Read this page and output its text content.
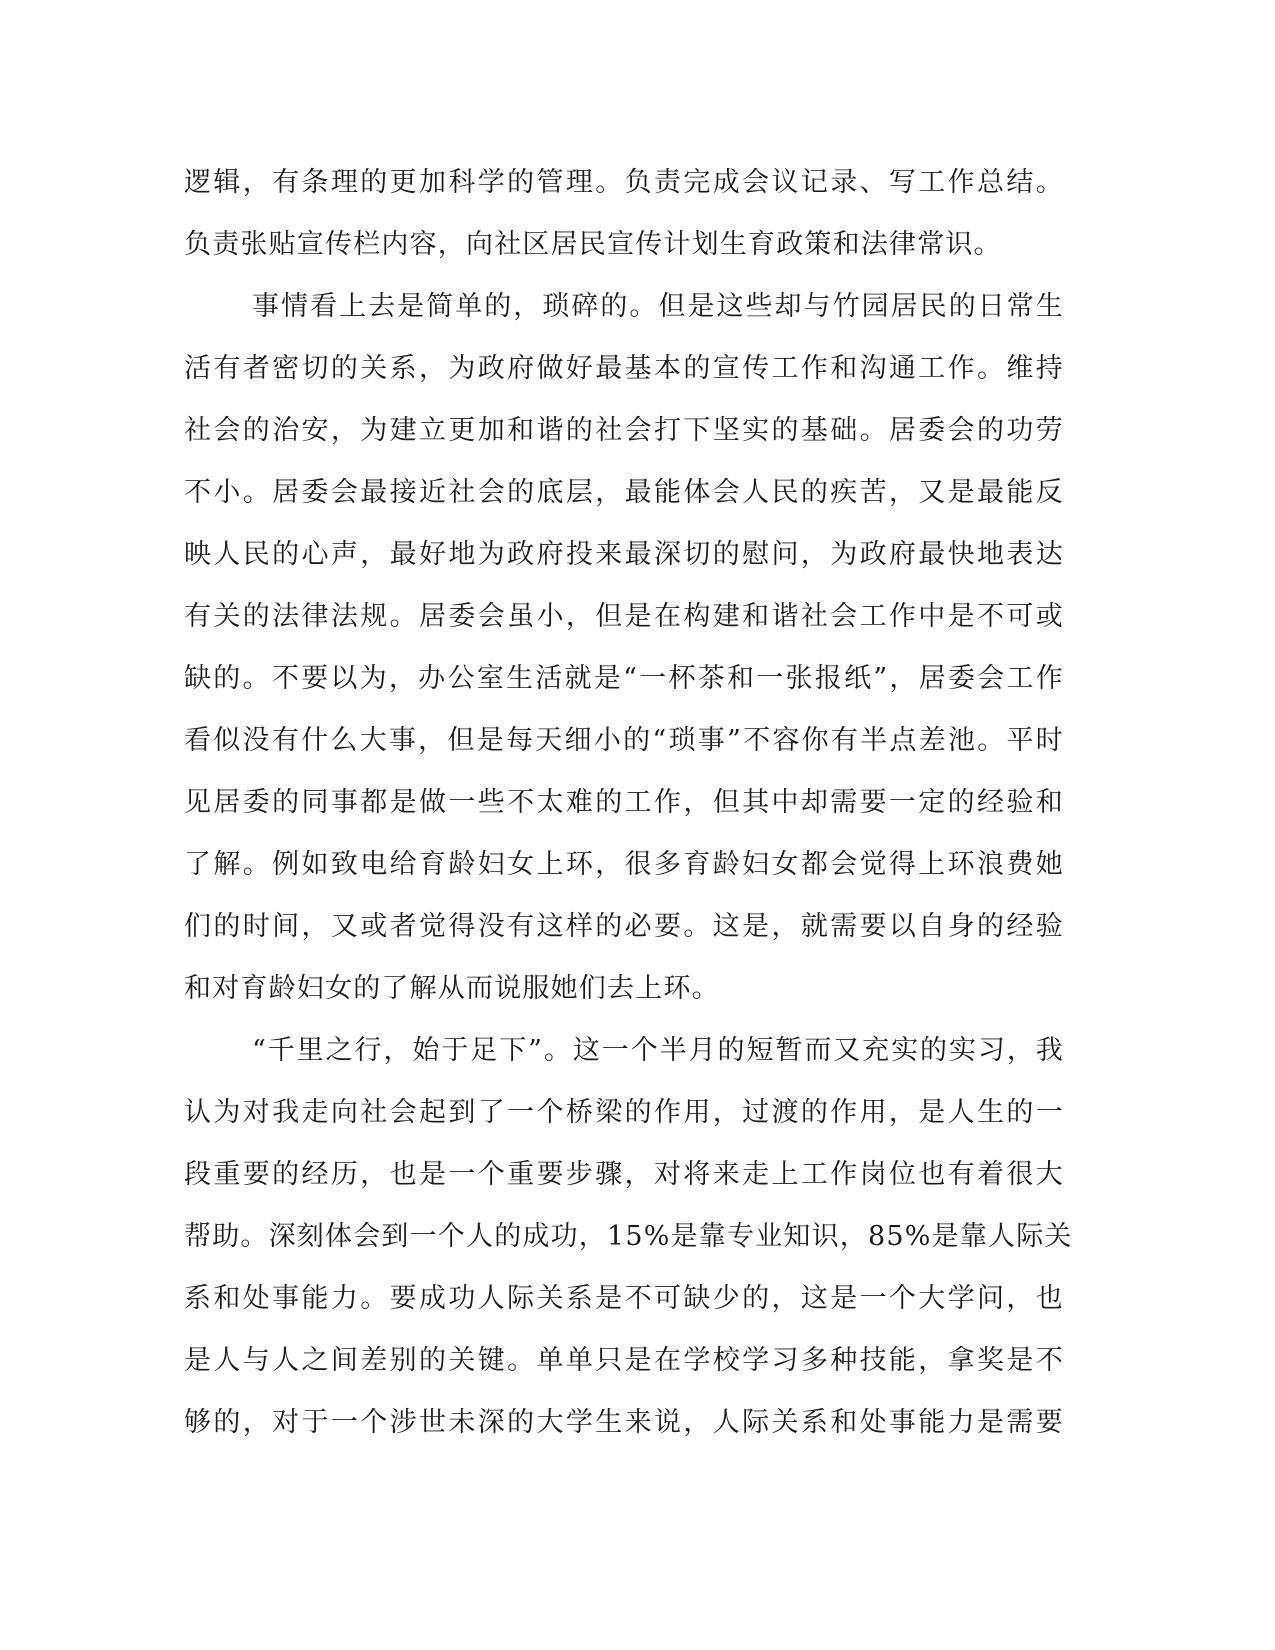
逻辑，有条理的更加科学的管理。负责完成会议记录、写工作总结。
负责张贴宣传栏内容，向社区居民宣传计划生育政策和法律常识。
事情看上去是简单的，琐碎的。但是这些却与竹园居民的日常生
活有者密切的关系，为政府做好最基本的宣传工作和沟通工作。维持
社会的治安，为建立更加和谐的社会打下坚实的基础。居委会的功劳
不小。居委会最接近社会的底层，最能体会人民的疾苦，又是最能反
映人民的心声，最好地为政府投来最深切的慰问，为政府最快地表达
有关的法律法规。居委会虽小，但是在构建和谐社会工作中是不可或
缺的。不要以为，办公室生活就是“一杯茶和一张报纸”，居委会工作
看似没有什么大事，但是每天细小的“琐事”不容你有半点差池。平时
见居委的同事都是做一些不太难的工作，但其中却需要一定的经验和
了解。例如致电给育龄妇女上环，很多育龄妇女都会觉得上环浪费她
们的时间，又或者觉得没有这样的必要。这是，就需要以自身的经验
和对育龄妇女的了解从而说服她们去上环。
“千里之行，始于足下”。这一个半月的短暂而又充实的实习，我
认为对我走向社会起到了一个桥梁的作用，过渡的作用，是人生的一
段重要的经历，也是一个重要步骤，对将来走上工作岗位也有着很大
帮助。深刻体会到一个人的成功，15%是靠专业知识，85%是靠人际关
系和处事能力。要成功人际关系是不可缺少的，这是一个大学问，也
是人与人之间差别的关键。单单只是在学校学习多种技能，拿奖是不
够的，对于一个涉世未深的大学生来说，人际关系和处事能力是需要
